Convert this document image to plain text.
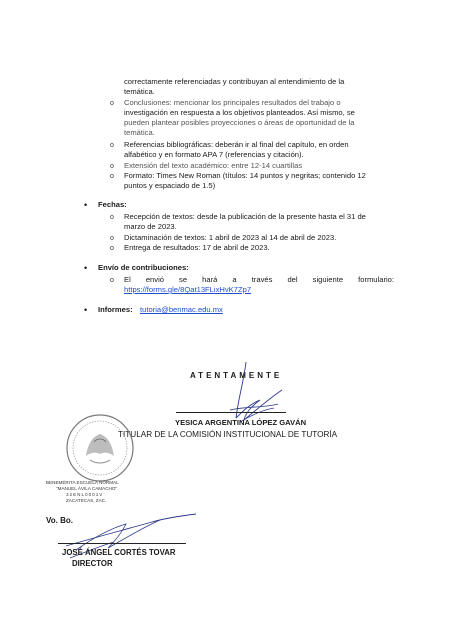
correctamente referenciadas y contribuyan al entendimiento de la
temática.
o Conclusiones: mencionar los principales resultados del trabajo o
investigación en respuesta a los objetivos planteados. Así mismo, se
pueden plantear posibles proyecciones o áreas de oportunidad de la
temática.
o Referencias bibliográficas: deberán ir al final del capítulo, en orden
alfabético y en formato APA 7 (referencias y citación).
o Extensión del texto académico: entre 12-14 cuartillas
o Formato: Times New Roman (títulos: 14 puntos y negritas; contenido 12
puntos y espaciado de 1.5)
• Fechas:
o Recepción de textos: desde la publicación de la presente hasta el 31 de
marzo de 2023.
o Dictaminación de textos: 1 abril de 2023 al 14 de abril de 2023.
o Entrega de resultados: 17 de abril de 2023.
• Envío de contribuciones:
o El envió se hará a través del siguiente formulario:
https://forms.gle/8Qat13FLixHvK7Zp7
• Informes: tutoria@benmac.edu.mx
ATENTAMENTE
YESICA ARGENTINA LÓPEZ GAVÁN
TITULAR DE LA COMISIÓN INSTITUCIONAL DE TUTORÍA
BENEMÉRITA ESCUELA NORMAL
"MANUEL ÁVILA CAMACHO"
32ENL0001V
ZACATECAS, ZAC.
Vo. Bo.
JOSÉ ÁNGEL CORTÉS TOVAR
DIRECTOR
